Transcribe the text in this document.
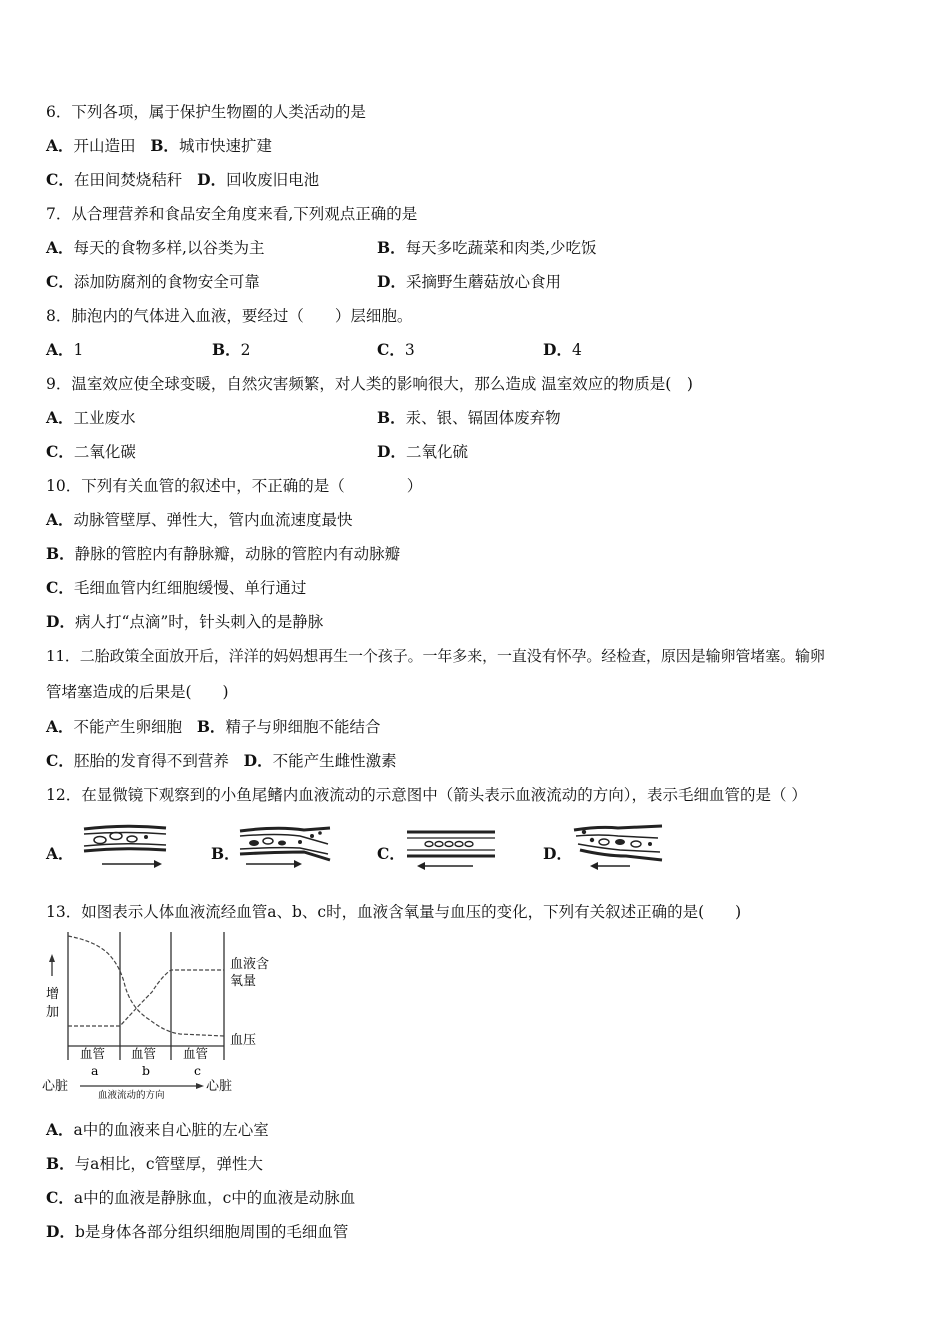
6．下列各项，属于保护生物圈的人类活动的是
A．开山造田 B．城市快速扩建
C．在田间焚烧秸秆 D．回收废旧电池
7．从合理营养和食品安全角度来看,下列观点正确的是
A．每天的食物多样,以谷类为主	B．每天多吃蔬菜和肉类,少吃饭
C．添加防腐剂的食物安全可靠	D．采摘野生蘑菇放心食用
8．肺泡内的气体进入血液，要经过（　　）层细胞。
A．1	B．2	C．3	D．4
9．温室效应使全球变暖，自然灾害频繁，对人类的影响很大，那么造成 温室效应的物质是(　)
A．工业废水	B．汞、银、镉固体废弃物
C．二氧化碳	D．二氧化硫
10．下列有关血管的叙述中，不正确的是（　　　　）
A．动脉管壁厚、弹性大，管内血流速度最快
B．静脉的管腔内有静脉瓣，动脉的管腔内有动脉瓣
C．毛细血管内红细胞缓慢、单行通过
D．病人打“点滴”时，针头刺入的是静脉
11．二胎政策全面放开后，洋洋的妈妈想再生一个孩子。一年多来，一直没有怀孕。经检查，原因是输卵管堵塞。输卵
管堵塞造成的后果是(　　)
A．不能产生卵细胞 B．精子与卵细胞不能结合
C．胚胎的发育得不到营养 D．不能产生雌性激素
12．在显微镜下观察到的小鱼尾鳍内血液流动的示意图中（箭头表示血液流动的方向），表示毛细血管的是（ ）
A．	B．	C．	D．
13．如图表示人体血液流经血管a、b、c时，血液含氧量与血压的变化，下列有关叙述正确的是(　　)
增
加
血液含
氧量
血压
血管 血管 血管
a	b	c
心脏
血液流动的方向
心脏
A．a中的血液来自心脏的左心室
B．与a相比，c管壁厚，弹性大
C．a中的血液是静脉血，c中的血液是动脉血
D．b是身体各部分组织细胞周围的毛细血管
